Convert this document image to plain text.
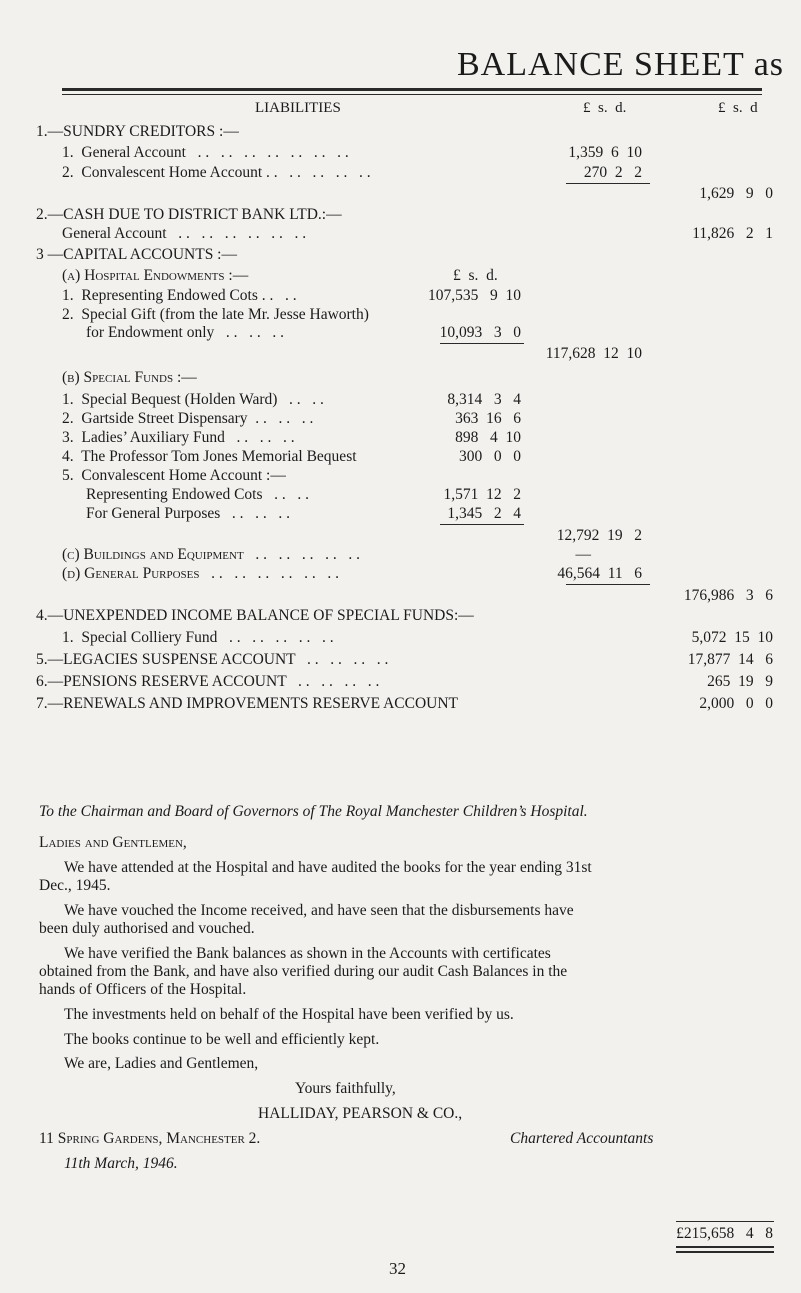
BALANCE SHEET as
LIABILITIES	£  s.  d.	£  s.  d
1.—SUNDRY CREDITORS :—
1.  General Account   . .   . .   . .   . .   . .   . .   . .	1,359  6  10
2.  Convalescent Home Account . .   . .   . .   . .   . .	270  2   2
1,629   9   0
2.—CASH DUE TO DISTRICT BANK LTD.:—
General Account   . .   . .   . .   . .   . .   . .	11,826   2   1
3 —CAPITAL ACCOUNTS :—
(a) Hospital Endowments :—	£  s.  d.
1.  Representing Endowed Cots . .   . .	107,535   9  10
2.  Special Gift (from the late Mr. Jesse Haworth)
for Endowment only   . .   . .   . .	10,093   3   0
117,628  12  10
(b) Special Funds :—
1.  Special Bequest (Holden Ward)   . .   . .	8,314   3   4
2.  Gartside Street Dispensary  . .   . .   . .	363  16   6
3.  Ladies’ Auxiliary Fund   . .   . .   . .	898   4  10
4.  The Professor Tom Jones Memorial Bequest	300   0   0
5.  Convalescent Home Account :—
Representing Endowed Cots   . .   . .	1,571  12   2
For General Purposes   . .   . .   . .	1,345   2   4
12,792  19   2
(c) Buildings and Equipment   . .   . .   . .   . .   . .	—
(d) General Purposes   . .   . .   . .   . .   . .   . .	46,564  11   6
176,986   3   6
4.—UNEXPENDED INCOME BALANCE OF SPECIAL FUNDS:—
1.  Special Colliery Fund   . .   . .   . .   . .   . .	5,072  15  10
5.—LEGACIES SUSPENSE ACCOUNT   . .   . .   . .   . .	17,877  14   6
6.—PENSIONS RESERVE ACCOUNT   . .   . .   . .   . .	265  19   9
7.—RENEWALS AND IMPROVEMENTS RESERVE ACCOUNT	2,000   0   0
To the Chairman and Board of Governors of The Royal Manchester Children’s Hospital.
Ladies and Gentlemen,
We have attended at the Hospital and have audited the books for the year ending 31st
Dec., 1945.
We have vouched the Income received, and have seen that the disbursements have
been duly authorised and vouched.
We have verified the Bank balances as shown in the Accounts with certificates
obtained from the Bank, and have also verified during our audit Cash Balances in the
hands of Officers of the Hospital.
The investments held on behalf of the Hospital have been verified by us.
The books continue to be well and efficiently kept.
We are, Ladies and Gentlemen,
Yours faithfully,
HALLIDAY, PEARSON & CO.,
11 Spring Gardens, Manchester 2.	Chartered Accountants
11th March, 1946.
£215,658   4   8
32
